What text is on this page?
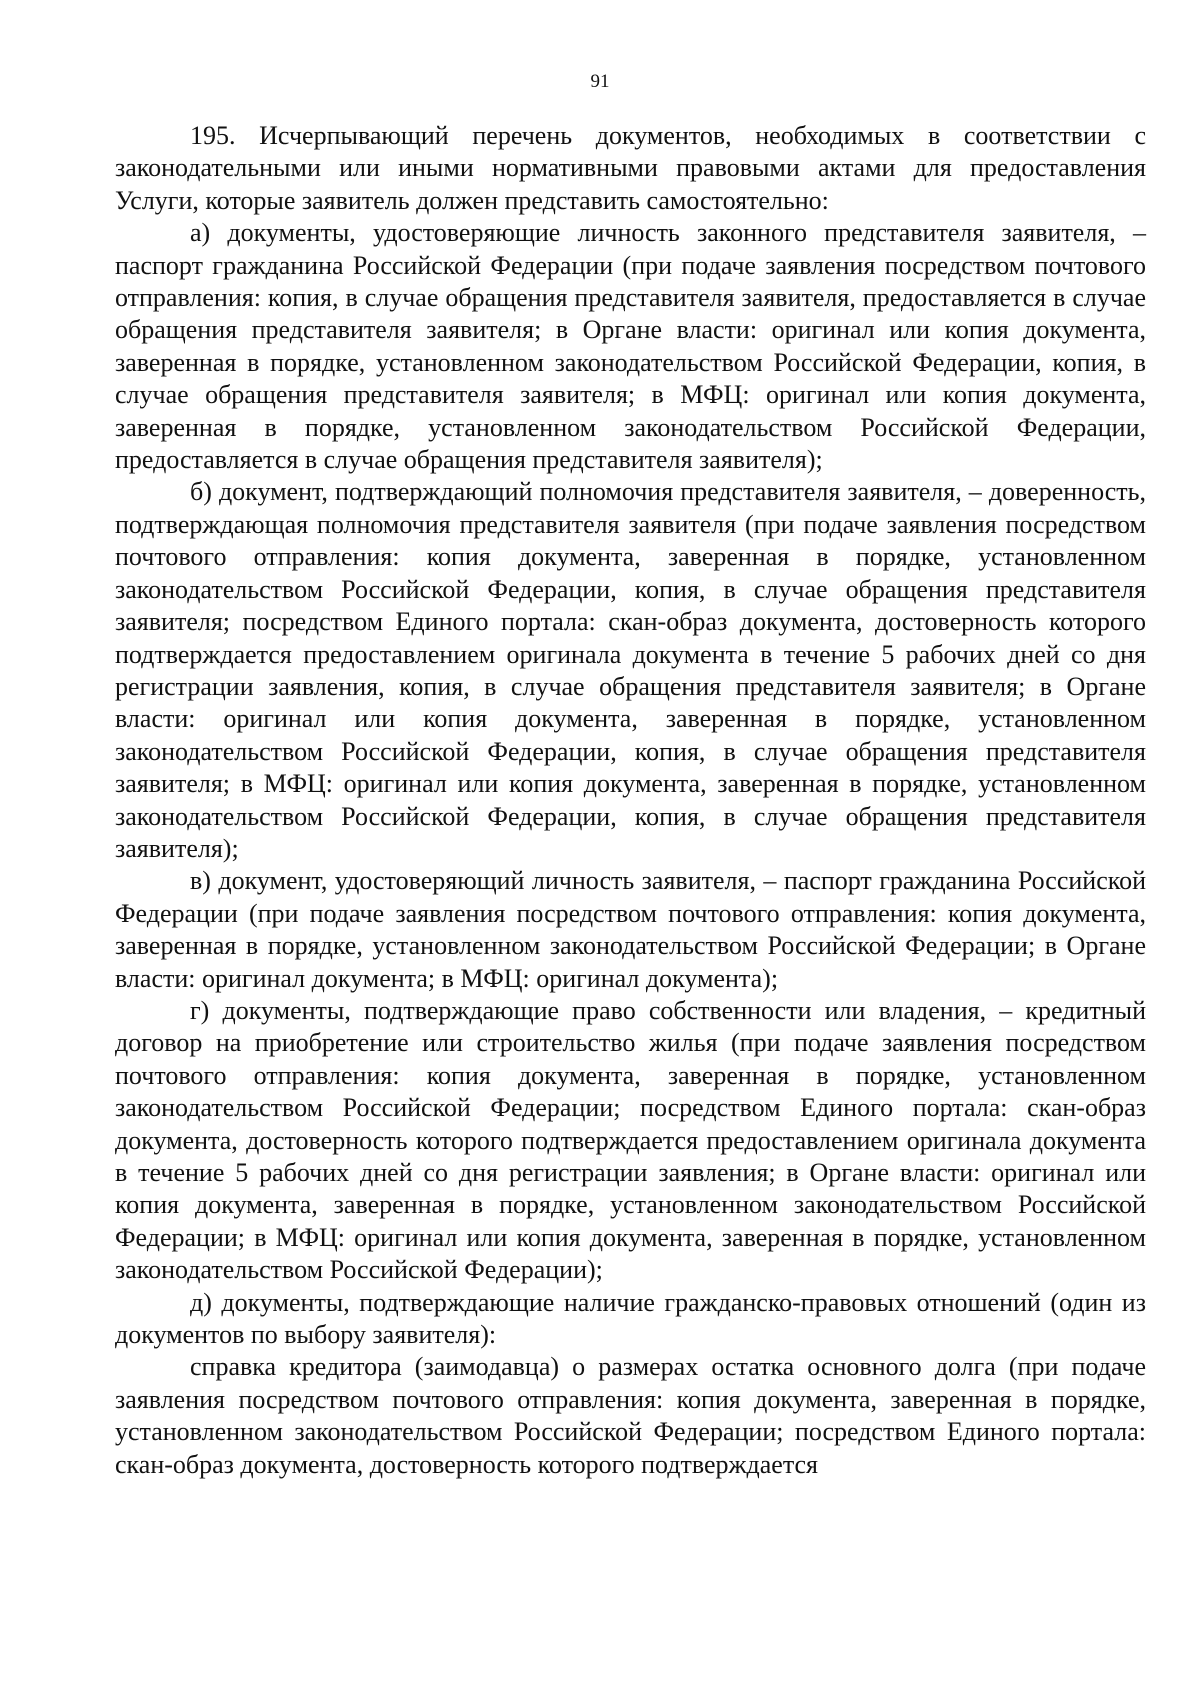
91

195. Исчерпывающий перечень документов, необходимых в соответствии с законодательными или иными нормативными правовыми актами для предоставления Услуги, которые заявитель должен представить самостоятельно:

а) документы, удостоверяющие личность законного представителя заявителя, – паспорт гражданина Российской Федерации (при подаче заявления посредством почтового отправления: копия, в случае обращения представителя заявителя, предоставляется в случае обращения представителя заявителя; в Органе власти: оригинал или копия документа, заверенная в порядке, установленном законодательством Российской Федерации, копия, в случае обращения представителя заявителя; в МФЦ: оригинал или копия документа, заверенная в порядке, установленном законодательством Российской Федерации, предоставляется в случае обращения представителя заявителя);

б) документ, подтверждающий полномочия представителя заявителя, – доверенность, подтверждающая полномочия представителя заявителя (при подаче заявления посредством почтового отправления: копия документа, заверенная в порядке, установленном законодательством Российской Федерации, копия, в случае обращения представителя заявителя; посредством Единого портала: скан-образ документа, достоверность которого подтверждается предоставлением оригинала документа в течение 5 рабочих дней со дня регистрации заявления, копия, в случае обращения представителя заявителя; в Органе власти: оригинал или копия документа, заверенная в порядке, установленном законодательством Российской Федерации, копия, в случае обращения представителя заявителя; в МФЦ: оригинал или копия документа, заверенная в порядке, установленном законодательством Российской Федерации, копия, в случае обращения представителя заявителя);

в) документ, удостоверяющий личность заявителя, – паспорт гражданина Российской Федерации (при подаче заявления посредством почтового отправления: копия документа, заверенная в порядке, установленном законодательством Российской Федерации; в Органе власти: оригинал документа; в МФЦ: оригинал документа);

г) документы, подтверждающие право собственности или владения, – кредитный договор на приобретение или строительство жилья (при подаче заявления посредством почтового отправления: копия документа, заверенная в порядке, установленном законодательством Российской Федерации; посредством Единого портала: скан-образ документа, достоверность которого подтверждается предоставлением оригинала документа в течение 5 рабочих дней со дня регистрации заявления; в Органе власти: оригинал или копия документа, заверенная в порядке, установленном законодательством Российской Федерации; в МФЦ: оригинал или копия документа, заверенная в порядке, установленном законодательством Российской Федерации);

д) документы, подтверждающие наличие гражданско-правовых отношений (один из документов по выбору заявителя):

справка кредитора (заимодавца) о размерах остатка основного долга (при подаче заявления посредством почтового отправления: копия документа, заверенная в порядке, установленном законодательством Российской Федерации; посредством Единого портала: скан-образ документа, достоверность которого подтверждается
